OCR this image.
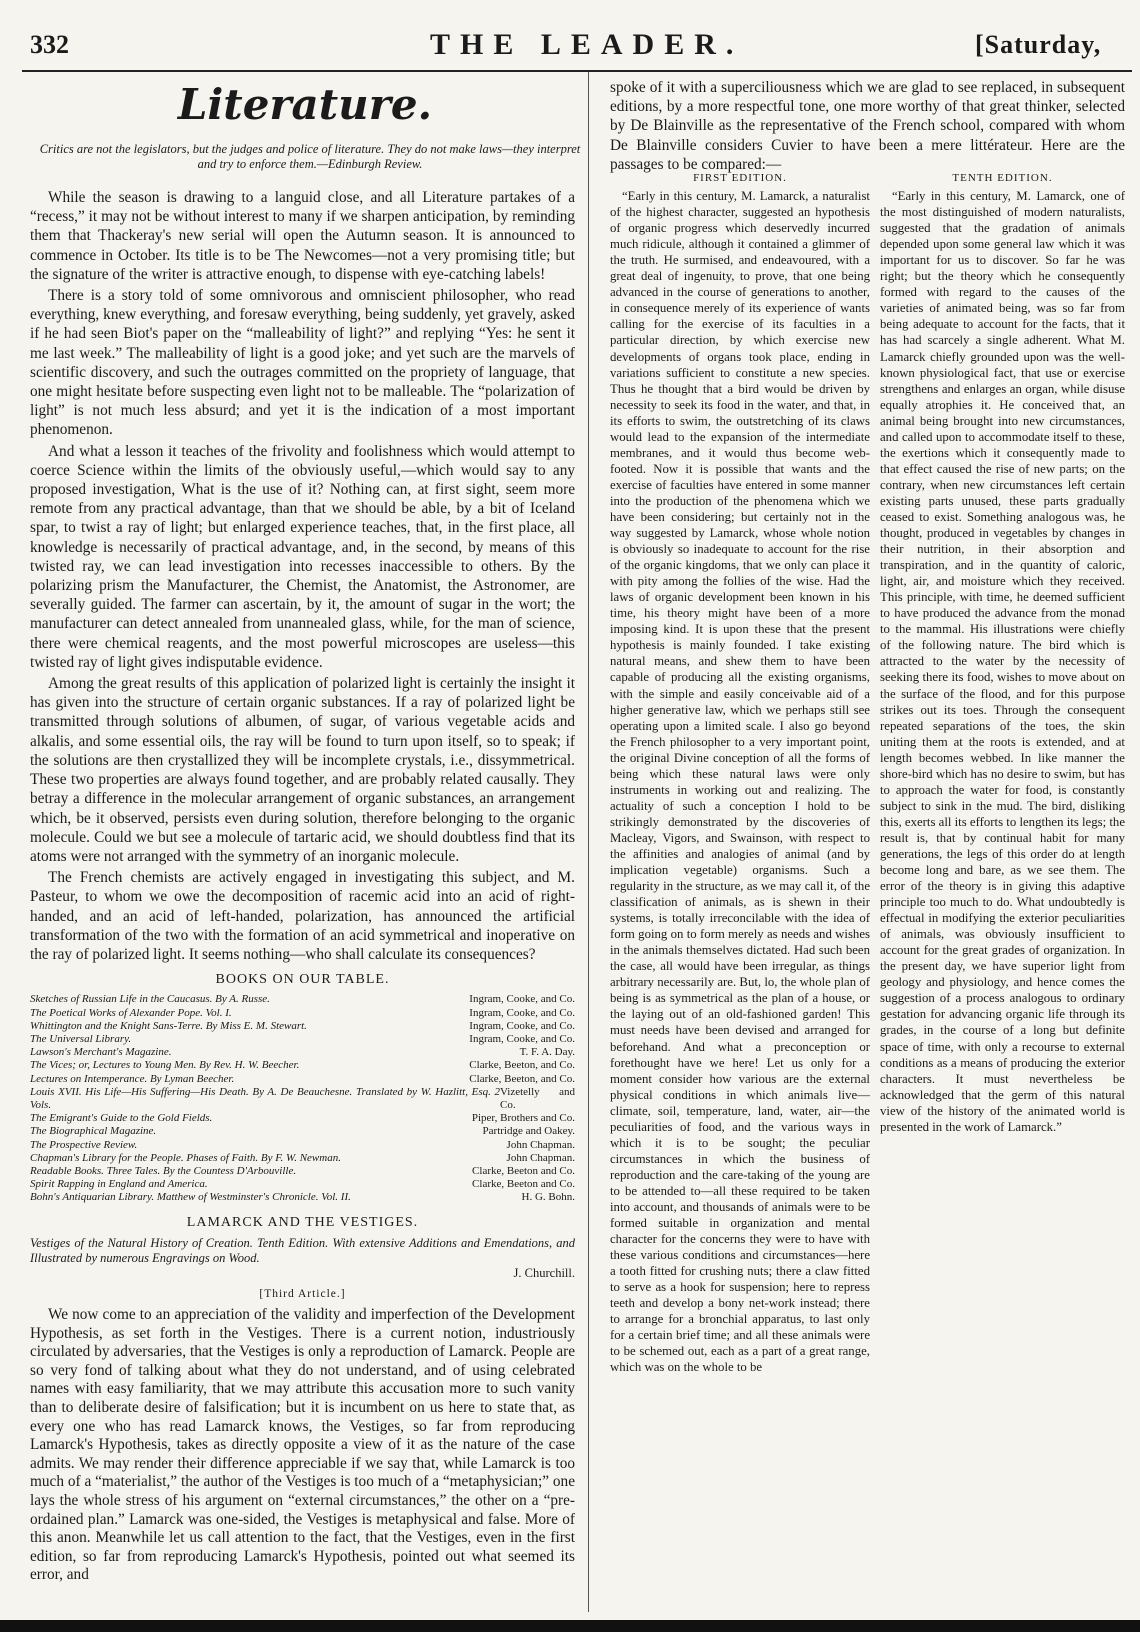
332	THE LEADER.	[Saturday,
Literature.
Critics are not the legislators, but the judges and police of literature. They do not make laws—they interpret and try to enforce them.—Edinburgh Review.

While the season is drawing to a languid close, and all Literature partakes of a “recess,” it may not be without interest to many if we sharpen anticipation, by reminding them that Thackeray's new serial will open the Autumn season. It is announced to commence in October. Its title is to be The Newcomes—not a very promising title; but the signature of the writer is attractive enough, to dispense with eye-catching labels!

There is a story told of some omnivorous and omniscient philosopher, who read everything, knew everything, and foresaw everything, being suddenly, yet gravely, asked if he had seen Biot's paper on the “malleability of light?” and replying “Yes: he sent it me last week.” The malleability of light is a good joke; and yet such are the marvels of scientific discovery, and such the outrages committed on the propriety of language, that one might hesitate before suspecting even light not to be malleable. The “polarization of light” is not much less absurd; and yet it is the indication of a most important phenomenon.

And what a lesson it teaches of the frivolity and foolishness which would attempt to coerce Science within the limits of the obviously useful,—which would say to any proposed investigation, What is the use of it? Nothing can, at first sight, seem more remote from any practical advantage, than that we should be able, by a bit of Iceland spar, to twist a ray of light; but enlarged experience teaches, that, in the first place, all knowledge is necessarily of practical advantage, and, in the second, by means of this twisted ray, we can lead investigation into recesses inaccessible to others. By the polarizing prism the Manufacturer, the Chemist, the Anatomist, the Astronomer, are severally guided. The farmer can ascertain, by it, the amount of sugar in the wort; the manufacturer can detect annealed from unannealed glass, while, for the man of science, there were chemical reagents, and the most powerful microscopes are useless—this twisted ray of light gives indisputable evidence.

Among the great results of this application of polarized light is certainly the insight it has given into the structure of certain organic substances. If a ray of polarized light be transmitted through solutions of albumen, of sugar, of various vegetable acids and alkalis, and some essential oils, the ray will be found to turn upon itself, so to speak; if the solutions are then crystallized they will be incomplete crystals, i.e., dissymmetrical. These two properties are always found together, and are probably related causally. They betray a difference in the molecular arrangement of organic substances, an arrangement which, be it observed, persists even during solution, therefore belonging to the organic molecule. Could we but see a molecule of tartaric acid, we should doubtless find that its atoms were not arranged with the symmetry of an inorganic molecule.

The French chemists are actively engaged in investigating this subject, and M. Pasteur, to whom we owe the decomposition of racemic acid into an acid of right-handed, and an acid of left-handed, polarization, has announced the artificial transformation of the two with the formation of an acid symmetrical and inoperative on the ray of polarized light. It seems nothing—who shall calculate its consequences?

BOOKS ON OUR TABLE.
Sketches of Russian Life in the Caucasus. By A. Russe.	Ingram, Cooke, and Co.
The Poetical Works of Alexander Pope. Vol. I.	Ingram, Cooke, and Co.
Whittington and the Knight Sans-Terre. By Miss E. M. Stewart.	Ingram, Cooke, and Co.
The Universal Library.	Ingram, Cooke, and Co.
Lawson's Merchant's Magazine.	T. F. A. Day.
The Vices; or, Lectures to Young Men. By Rev. H. W. Beecher.	Clarke, Beeton, and Co.
Lectures on Intemperance. By Lyman Beecher.	Clarke, Beeton, and Co.
Louis XVII. His Life—His Suffering—His Death. By A. De Beauchesne. Translated by W. Hazlitt, Esq. 2 Vols.
Vizetelly and Co.
The Emigrant's Guide to the Gold Fields.	Piper, Brothers and Co.
The Biographical Magazine.	Partridge and Oakey.
The Prospective Review.	John Chapman.
Chapman's Library for the People. Phases of Faith. By F. W. Newman.	John Chapman.
Readable Books. Three Tales. By the Countess D'Arbouville.	Clarke, Beeton and Co.
Spirit Rapping in England and America.	Clarke, Beeton and Co.
Bohn's Antiquarian Library. Matthew of Westminster's Chronicle. Vol. II.	H. G. Bohn.
LAMARCK AND THE VESTIGES.
Vestiges of the Natural History of Creation. Tenth Edition. With extensive Additions and Emendations, and Illustrated by numerous Engravings on Wood.
J. Churchill.
[Third Article.]

We now come to an appreciation of the validity and imperfection of the Development Hypothesis, as set forth in the Vestiges. There is a current notion, industriously circulated by adversaries, that the Vestiges is only a reproduction of Lamarck. People are so very fond of talking about what they do not understand, and of using celebrated names with easy familiarity, that we may attribute this accusation more to such vanity than to deliberate desire of falsification; but it is incumbent on us here to state that, as every one who has read Lamarck knows, the Vestiges, so far from reproducing Lamarck's Hypothesis, takes as directly opposite a view of it as the nature of the case admits. We may render their difference appreciable if we say that, while Lamarck is too much of a “materialist,” the author of the Vestiges is too much of a “metaphysician;” one lays the whole stress of his argument on “external circumstances,” the other on a “pre-ordained plan.” Lamarck was one-sided, the Vestiges is metaphysical and false. More of this anon. Meanwhile let us call attention to the fact, that the Vestiges, even in the first edition, so far from reproducing Lamarck's Hypothesis, pointed out what seemed its error, and

spoke of it with a superciliousness which we are glad to see replaced, in subsequent editions, by a more respectful tone, one more worthy of that great thinker, selected by De Blainville as the representative of the French school, compared with whom De Blainville considers Cuvier to have been a mere littérateur. Here are the passages to be compared:—
FIRST EDITION.

“Early in this century, M. Lamarck, a naturalist of the highest character, suggested an hypothesis of organic progress which deservedly incurred much ridicule, although it contained a glimmer of the truth. He surmised, and endeavoured, with a great deal of ingenuity, to prove, that one being advanced in the course of generations to another, in consequence merely of its experience of wants calling for the exercise of its faculties in a particular direction, by which exercise new developments of organs took place, ending in variations sufficient to constitute a new species. Thus he thought that a bird would be driven by necessity to seek its food in the water, and that, in its efforts to swim, the outstretching of its claws would lead to the expansion of the intermediate membranes, and it would thus become web-footed. Now it is possible that wants and the exercise of faculties have entered in some manner into the production of the phenomena which we have been considering; but certainly not in the way suggested by Lamarck, whose whole notion is obviously so inadequate to account for the rise of the organic kingdoms, that we only can place it with pity among the follies of the wise. Had the laws of organic development been known in his time, his theory might have been of a more imposing kind. It is upon these that the present hypothesis is mainly founded. I take existing natural means, and shew them to have been capable of producing all the existing organisms, with the simple and easily conceivable aid of a higher generative law, which we perhaps still see operating upon a limited scale. I also go beyond the French philosopher to a very important point, the original Divine conception of all the forms of being which these natural laws were only instruments in working out and realizing. The actuality of such a conception I hold to be strikingly demonstrated by the discoveries of Macleay, Vigors, and Swainson, with respect to the affinities and analogies of animal (and by implication vegetable) organisms. Such a regularity in the structure, as we may call it, of the classification of animals, as is shewn in their systems, is totally irreconcilable with the idea of form going on to form merely as needs and wishes in the animals themselves dictated. Had such been the case, all would have been irregular, as things arbitrary necessarily are. But, lo, the whole plan of being is as symmetrical as the plan of a house, or the laying out of an old-fashioned garden! This must needs have been devised and arranged for beforehand. And what a preconception or forethought have we here! Let us only for a moment consider how various are the external physical conditions in which animals live—climate, soil, temperature, land, water, air—the peculiarities of food, and the various ways in which it is to be sought; the peculiar circumstances in which the business of reproduction and the care-taking of the young are to be attended to—all these required to be taken into account, and thousands of animals were to be formed suitable in organization and mental character for the concerns they were to have with these various conditions and circumstances—here a tooth fitted for crushing nuts; there a claw fitted to serve as a hook for suspension; here to repress teeth and develop a bony net-work instead; there to arrange for a bronchial apparatus, to last only for a certain brief time; and all these animals were to be schemed out, each as a part of a great range, which was on the whole to be

TENTH EDITION.

“Early in this century, M. Lamarck, one of the most distinguished of modern naturalists, suggested that the gradation of animals depended upon some general law which it was important for us to discover. So far he was right; but the theory which he consequently formed with regard to the causes of the varieties of animated being, was so far from being adequate to account for the facts, that it has had scarcely a single adherent. What M. Lamarck chiefly grounded upon was the well-known physiological fact, that use or exercise strengthens and enlarges an organ, while disuse equally atrophies it. He conceived that, an animal being brought into new circumstances, and called upon to accommodate itself to these, the exertions which it consequently made to that effect caused the rise of new parts; on the contrary, when new circumstances left certain existing parts unused, these parts gradually ceased to exist. Something analogous was, he thought, produced in vegetables by changes in their nutrition, in their absorption and transpiration, and in the quantity of caloric, light, air, and moisture which they received. This principle, with time, he deemed sufficient to have produced the advance from the monad to the mammal. His illustrations were chiefly of the following nature. The bird which is attracted to the water by the necessity of seeking there its food, wishes to move about on the surface of the flood, and for this purpose strikes out its toes. Through the consequent repeated separations of the toes, the skin uniting them at the roots is extended, and at length becomes webbed. In like manner the shore-bird which has no desire to swim, but has to approach the water for food, is constantly subject to sink in the mud. The bird, disliking this, exerts all its efforts to lengthen its legs; the result is, that by continual habit for many generations, the legs of this order do at length become long and bare, as we see them. The error of the theory is in giving this adaptive principle too much to do. What undoubtedly is effectual in modifying the exterior peculiarities of animals, was obviously insufficient to account for the great grades of organization. In the present day, we have superior light from geology and physiology, and hence comes the suggestion of a process analogous to ordinary gestation for advancing organic life through its grades, in the course of a long but definite space of time, with only a recourse to external conditions as a means of producing the exterior characters. It must nevertheless be acknowledged that the germ of this natural view of the history of the animated world is presented in the work of Lamarck.”
